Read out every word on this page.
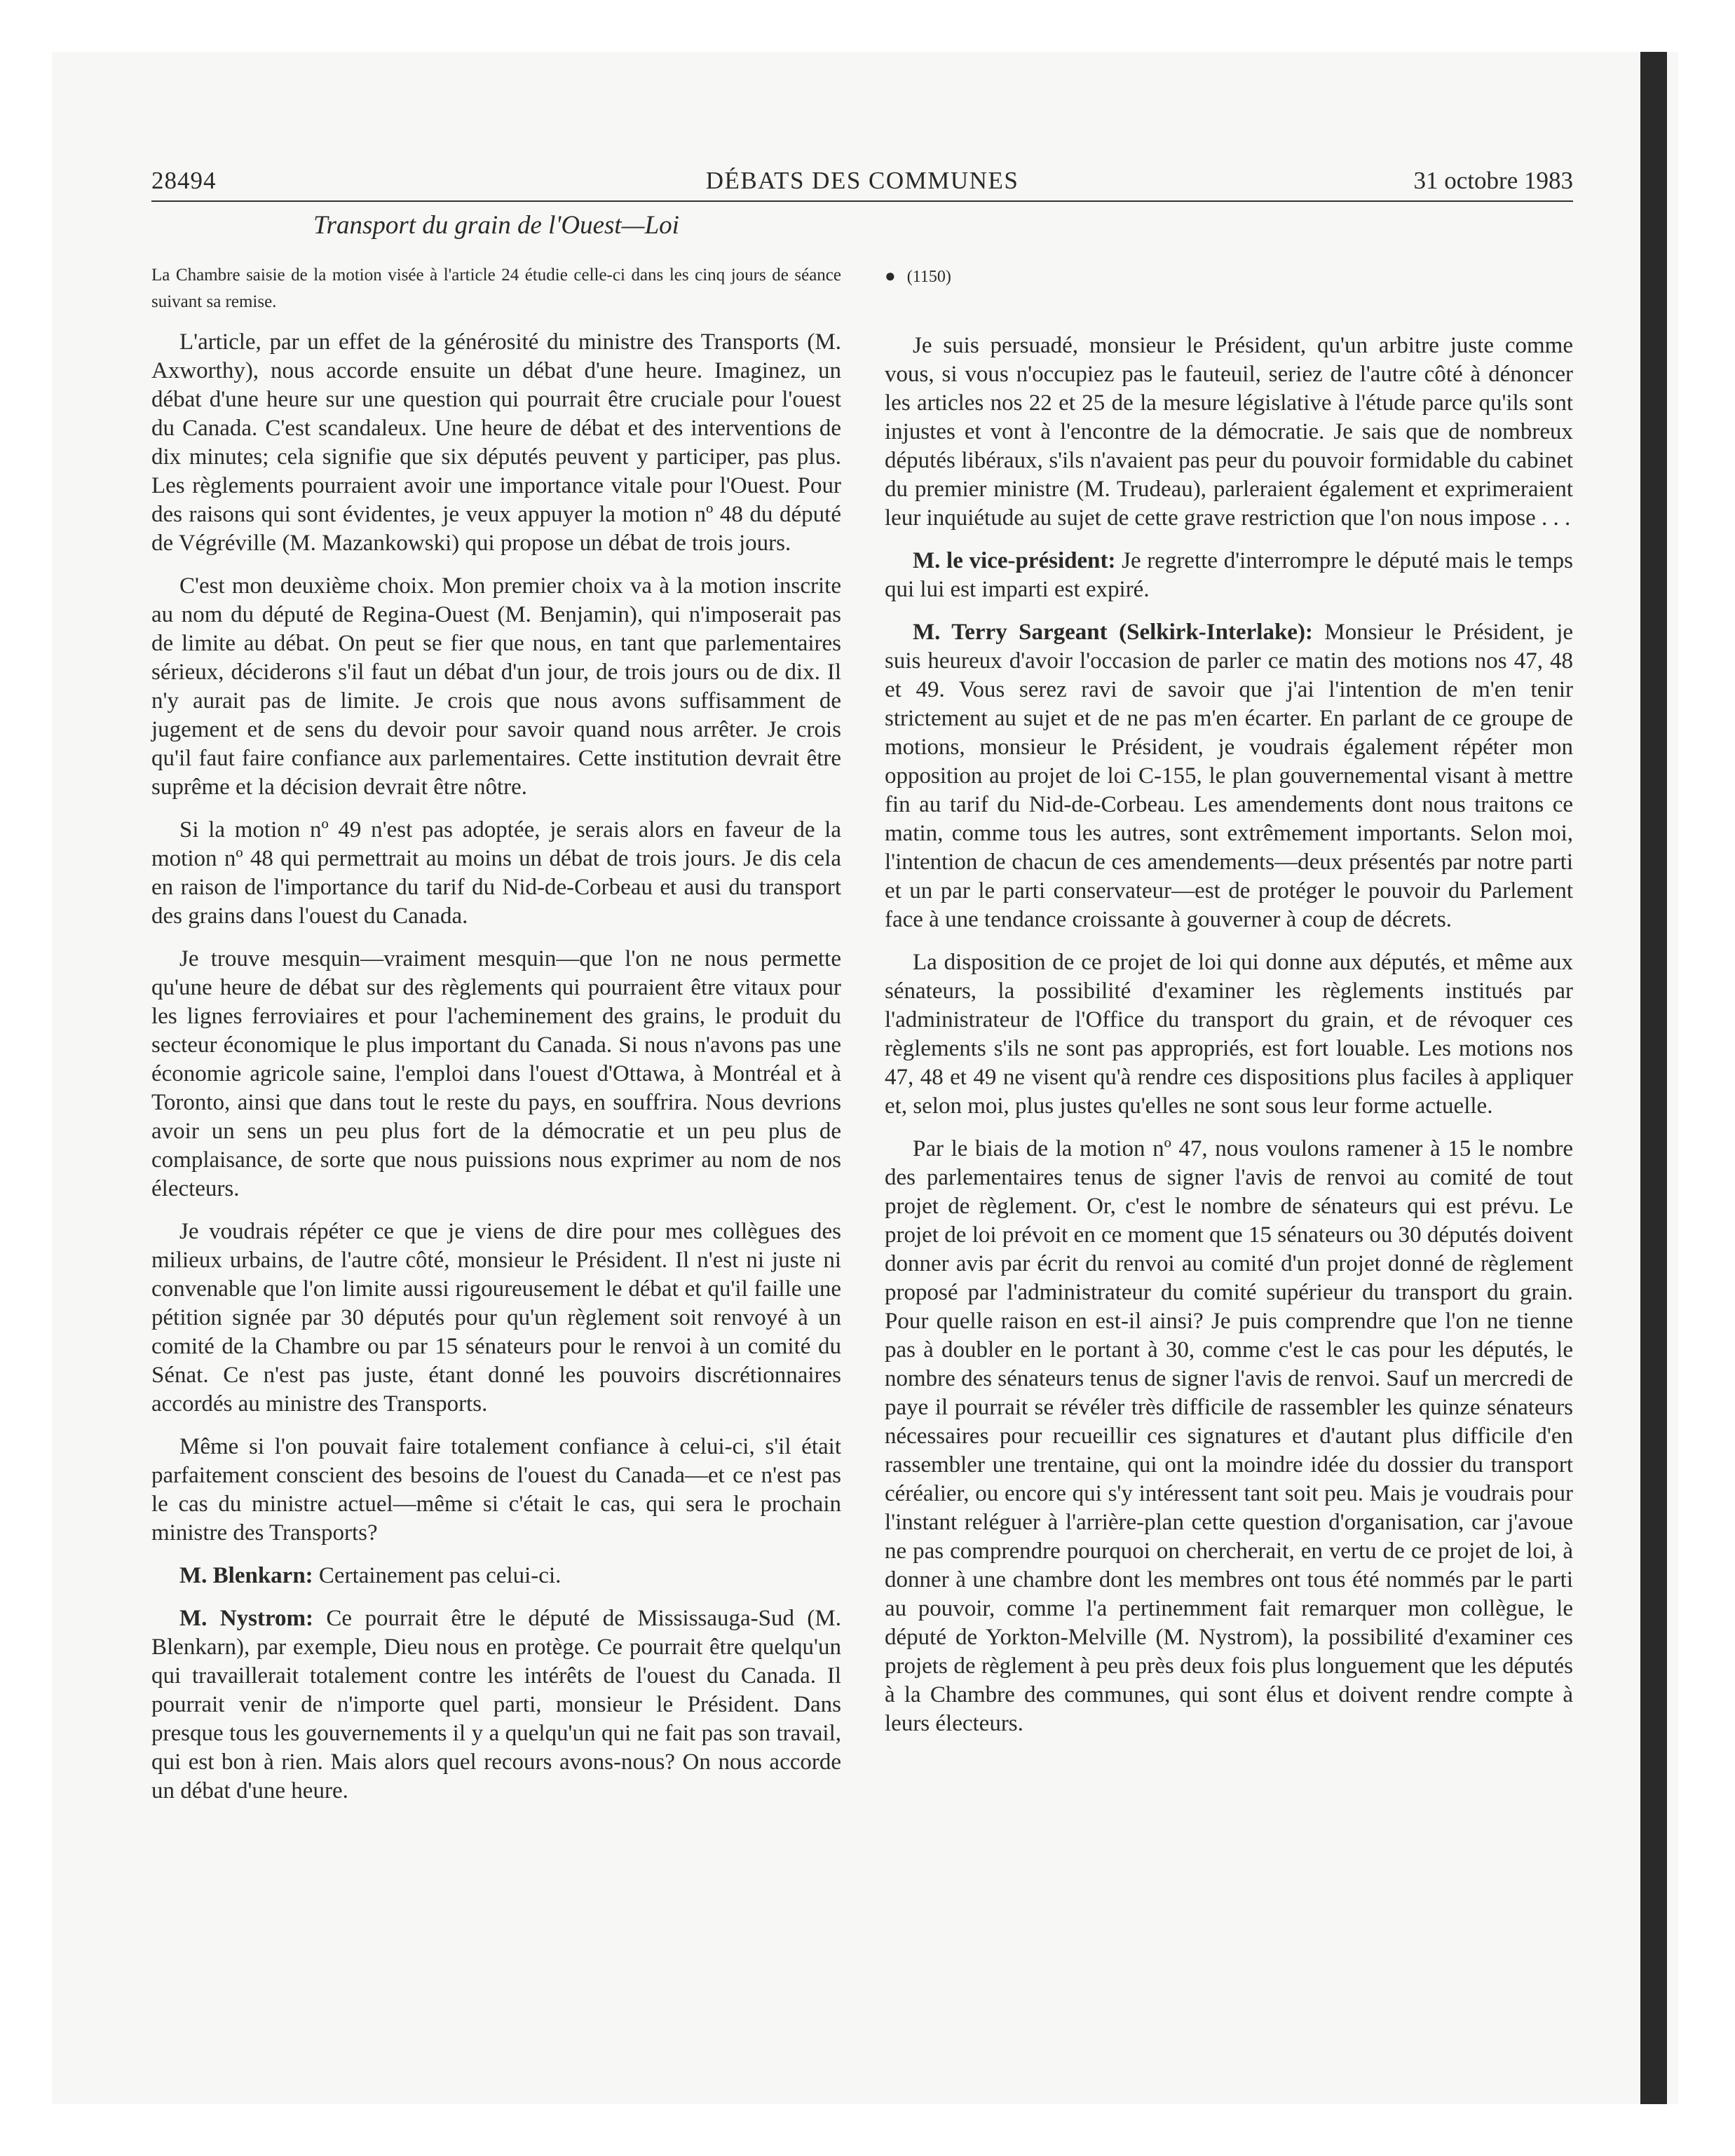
DÉBATS DES COMMUNES
28494	31 octobre 1983
Transport du grain de l'Ouest—Loi

La Chambre saisie de la motion visée à l'article 24 étudie celle-ci dans les cinq jours de séance suivant sa remise.

L'article, par un effet de la générosité du ministre des Transports (M. Axworthy), nous accorde ensuite un débat d'une heure. Imaginez, un débat d'une heure sur une question qui pourrait être cruciale pour l'ouest du Canada. C'est scandaleux. Une heure de débat et des interventions de dix minutes; cela signifie que six députés peuvent y participer, pas plus. Les règlements pourraient avoir une importance vitale pour l'Ouest. Pour des raisons qui sont évidentes, je veux appuyer la motion nº 48 du député de Végréville (M. Mazankowski) qui propose un débat de trois jours.

C'est mon deuxième choix. Mon premier choix va à la motion inscrite au nom du député de Regina-Ouest (M. Benjamin), qui n'imposerait pas de limite au débat. On peut se fier que nous, en tant que parlementaires sérieux, déciderons s'il faut un débat d'un jour, de trois jours ou de dix. Il n'y aurait pas de limite. Je crois que nous avons suffisamment de jugement et de sens du devoir pour savoir quand nous arrêter. Je crois qu'il faut faire confiance aux parlementaires. Cette institution devrait être suprême et la décision devrait être nôtre.

Si la motion nº 49 n'est pas adoptée, je serais alors en faveur de la motion nº 48 qui permettrait au moins un débat de trois jours. Je dis cela en raison de l'importance du tarif du Nid-de-Corbeau et ausi du transport des grains dans l'ouest du Canada.

Je trouve mesquin—vraiment mesquin—que l'on ne nous permette qu'une heure de débat sur des règlements qui pourraient être vitaux pour les lignes ferroviaires et pour l'acheminement des grains, le produit du secteur économique le plus important du Canada. Si nous n'avons pas une économie agricole saine, l'emploi dans l'ouest d'Ottawa, à Montréal et à Toronto, ainsi que dans tout le reste du pays, en souffrira. Nous devrions avoir un sens un peu plus fort de la démocratie et un peu plus de complaisance, de sorte que nous puissions nous exprimer au nom de nos électeurs.

Je voudrais répéter ce que je viens de dire pour mes collègues des milieux urbains, de l'autre côté, monsieur le Président. Il n'est ni juste ni convenable que l'on limite aussi rigoureusement le débat et qu'il faille une pétition signée par 30 députés pour qu'un règlement soit renvoyé à un comité de la Chambre ou par 15 sénateurs pour le renvoi à un comité du Sénat. Ce n'est pas juste, étant donné les pouvoirs discrétionnaires accordés au ministre des Transports.

Même si l'on pouvait faire totalement confiance à celui-ci, s'il était parfaitement conscient des besoins de l'ouest du Canada—et ce n'est pas le cas du ministre actuel—même si c'était le cas, qui sera le prochain ministre des Transports?

M. Blenkarn: Certainement pas celui-ci.

M. Nystrom: Ce pourrait être le député de Mississauga-Sud (M. Blenkarn), par exemple, Dieu nous en protège. Ce pourrait être quelqu'un qui travaillerait totalement contre les intérêts de l'ouest du Canada. Il pourrait venir de n'importe quel parti, monsieur le Président. Dans presque tous les gouvernements il y a quelqu'un qui ne fait pas son travail, qui est bon à rien. Mais alors quel recours avons-nous? On nous accorde un débat d'une heure.

● (1150)

Je suis persuadé, monsieur le Président, qu'un arbitre juste comme vous, si vous n'occupiez pas le fauteuil, seriez de l'autre côté à dénoncer les articles nos 22 et 25 de la mesure législative à l'étude parce qu'ils sont injustes et vont à l'encontre de la démocratie. Je sais que de nombreux députés libéraux, s'ils n'avaient pas peur du pouvoir formidable du cabinet du premier ministre (M. Trudeau), parleraient également et exprimeraient leur inquiétude au sujet de cette grave restriction que l'on nous impose . . .

M. le vice-président: Je regrette d'interrompre le député mais le temps qui lui est imparti est expiré.

M. Terry Sargeant (Selkirk-Interlake): Monsieur le Président, je suis heureux d'avoir l'occasion de parler ce matin des motions nos 47, 48 et 49. Vous serez ravi de savoir que j'ai l'intention de m'en tenir strictement au sujet et de ne pas m'en écarter. En parlant de ce groupe de motions, monsieur le Président, je voudrais également répéter mon opposition au projet de loi C-155, le plan gouvernemental visant à mettre fin au tarif du Nid-de-Corbeau. Les amendements dont nous traitons ce matin, comme tous les autres, sont extrêmement importants. Selon moi, l'intention de chacun de ces amendements—deux présentés par notre parti et un par le parti conservateur—est de protéger le pouvoir du Parlement face à une tendance croissante à gouverner à coup de décrets.

La disposition de ce projet de loi qui donne aux députés, et même aux sénateurs, la possibilité d'examiner les règlements institués par l'administrateur de l'Office du transport du grain, et de révoquer ces règlements s'ils ne sont pas appropriés, est fort louable. Les motions nos 47, 48 et 49 ne visent qu'à rendre ces dispositions plus faciles à appliquer et, selon moi, plus justes qu'elles ne sont sous leur forme actuelle.

Par le biais de la motion nº 47, nous voulons ramener à 15 le nombre des parlementaires tenus de signer l'avis de renvoi au comité de tout projet de règlement. Or, c'est le nombre de sénateurs qui est prévu. Le projet de loi prévoit en ce moment que 15 sénateurs ou 30 députés doivent donner avis par écrit du renvoi au comité d'un projet donné de règlement proposé par l'administrateur du comité supérieur du transport du grain. Pour quelle raison en est-il ainsi? Je puis comprendre que l'on ne tienne pas à doubler en le portant à 30, comme c'est le cas pour les députés, le nombre des sénateurs tenus de signer l'avis de renvoi. Sauf un mercredi de paye il pourrait se révéler très difficile de rassembler les quinze sénateurs nécessaires pour recueillir ces signatures et d'autant plus difficile d'en rassembler une trentaine, qui ont la moindre idée du dossier du transport céréalier, ou encore qui s'y intéressent tant soit peu. Mais je voudrais pour l'instant reléguer à l'arrière-plan cette question d'organisation, car j'avoue ne pas comprendre pourquoi on chercherait, en vertu de ce projet de loi, à donner à une chambre dont les membres ont tous été nommés par le parti au pouvoir, comme l'a pertinemment fait remarquer mon collègue, le député de Yorkton-Melville (M. Nystrom), la possibilité d'examiner ces projets de règlement à peu près deux fois plus longuement que les députés à la Chambre des communes, qui sont élus et doivent rendre compte à leurs électeurs.
